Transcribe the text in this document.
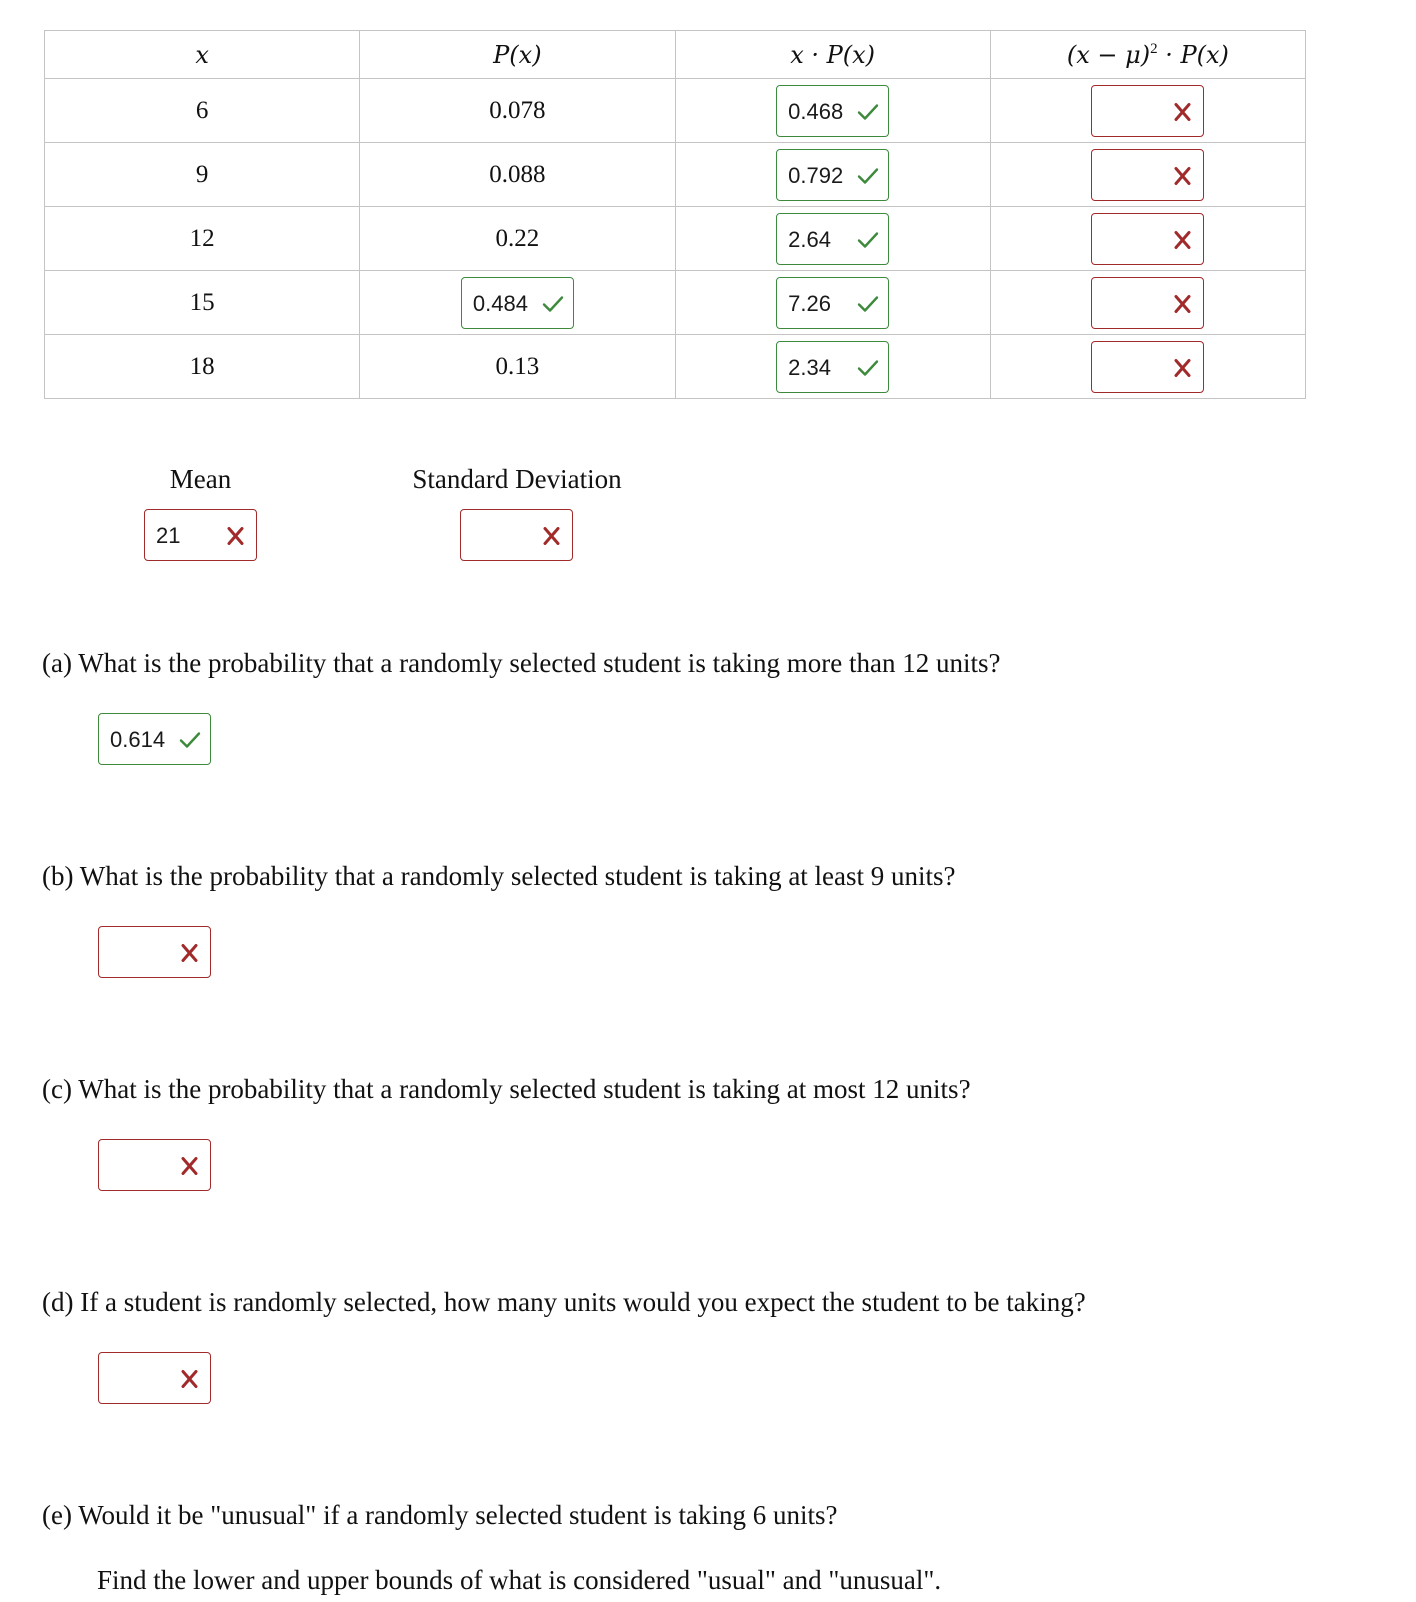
x	P(x)	x · P(x)	$(x - \mu)^2 \cdot P(x)$
6	0.078	0.468

9	0.088	0.792

12	0.22	2.64

15	0.484	7.26

18	0.13	2.34

Mean
21
Standard Deviation
(a) What is the probability that a randomly selected student is taking more than 12 units?
0.614
(b) What is the probability that a randomly selected student is taking at least 9 units?
(c) What is the probability that a randomly selected student is taking at most 12 units?
(d) If a student is randomly selected, how many units would you expect the student to be taking?
(e) Would it be "unusual" if a randomly selected student is taking 6 units?
Find the lower and upper bounds of what is considered "usual" and "unusual".
